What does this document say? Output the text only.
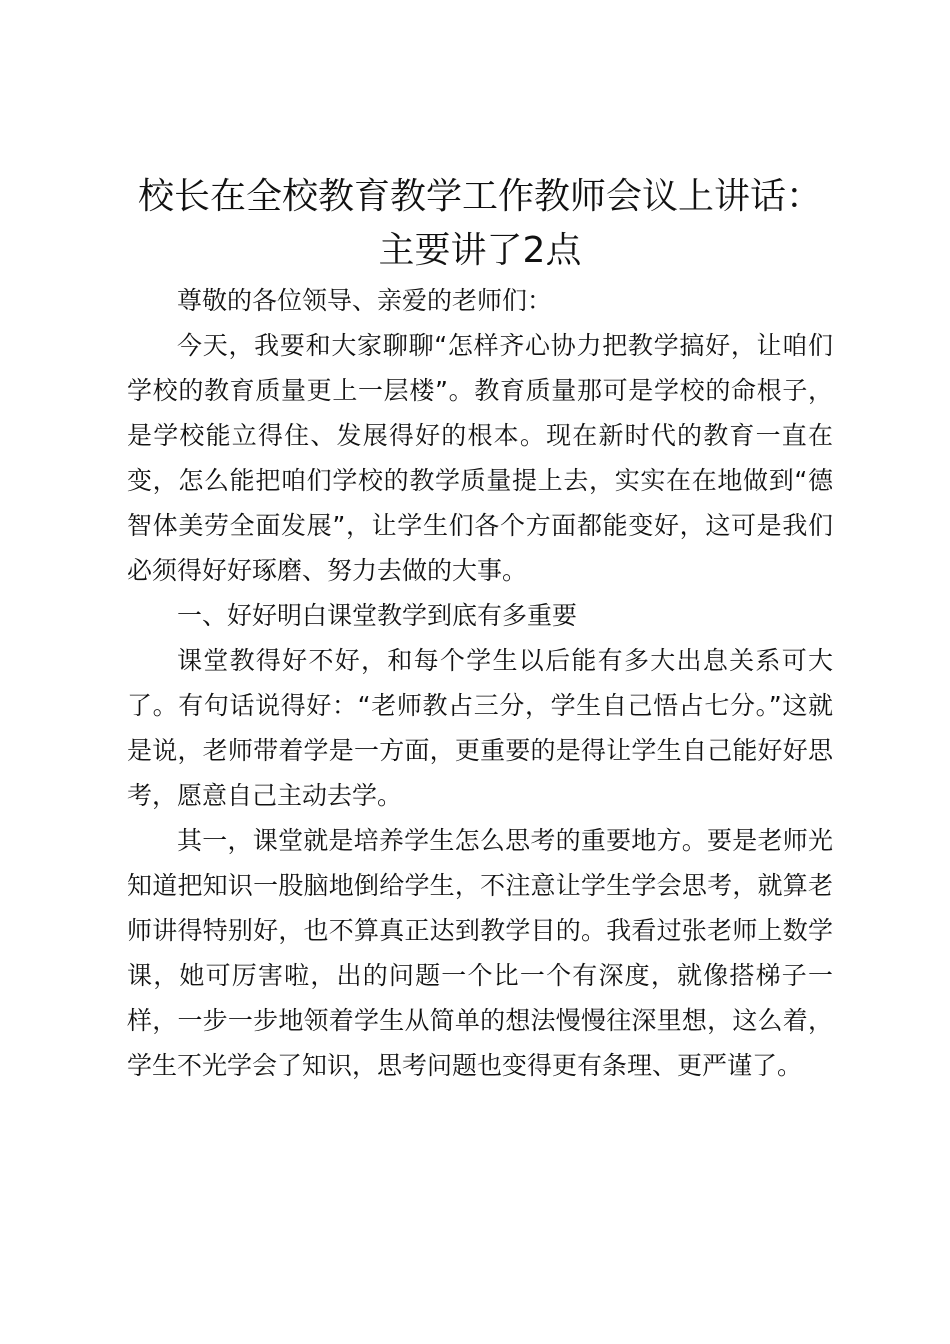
校长在全校教育教学工作教师会议上讲话：主要讲了2点

尊敬的各位领导、亲爱的老师们：

今天，我要和大家聊聊“怎样齐心协力把教学搞好，让咱们学校的教育质量更上一层楼”。教育质量那可是学校的命根子，是学校能立得住、发展得好的根本。现在新时代的教育一直在变，怎么能把咱们学校的教学质量提上去，实实在在地做到“德智体美劳全面发展”，让学生们各个方面都能变好，这可是我们必须得好好琢磨、努力去做的大事。

一、好好明白课堂教学到底有多重要

课堂教得好不好，和每个学生以后能有多大出息关系可大了。有句话说得好：“老师教占三分，学生自己悟占七分。”这就是说，老师带着学是一方面，更重要的是得让学生自己能好好思考，愿意自己主动去学。

其一，课堂就是培养学生怎么思考的重要地方。要是老师光知道把知识一股脑地倒给学生，不注意让学生学会思考，就算老师讲得特别好，也不算真正达到教学目的。我看过张老师上数学课，她可厉害啦，出的问题一个比一个有深度，就像搭梯子一样，一步一步地领着学生从简单的想法慢慢往深里想，这么着，学生不光学会了知识，思考问题也变得更有条理、更严谨了。
